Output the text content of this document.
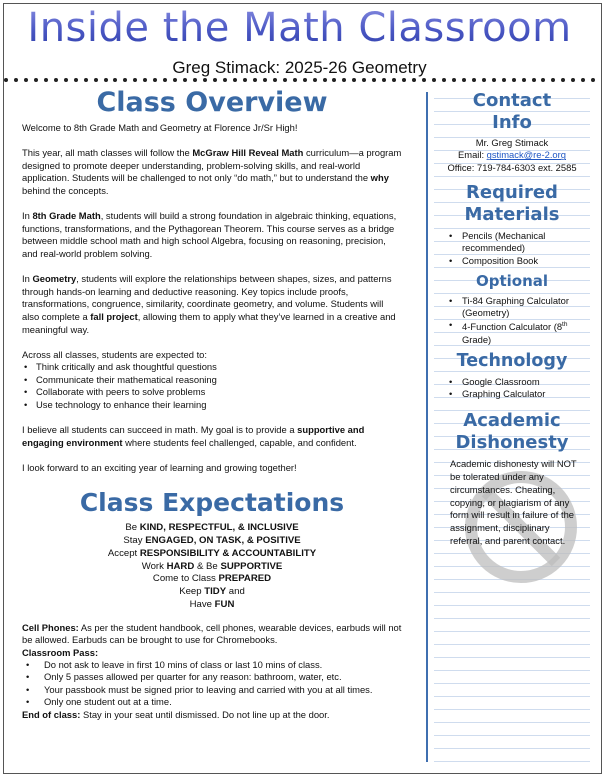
Inside the Math Classroom
Greg Stimack: 2025-26 Geometry
Class Overview

Welcome to 8th Grade Math and Geometry at Florence Jr/Sr High!

This year, all math classes will follow the McGraw Hill Reveal Math curriculum—a program designed to promote deeper understanding, problem-solving skills, and real-world application. Students will be challenged to not only “do math,” but to understand the why behind the concepts.

In 8th Grade Math, students will build a strong foundation in algebraic thinking, equations, functions, transformations, and the Pythagorean Theorem. This course serves as a bridge between middle school math and high school Algebra, focusing on reasoning, precision, and real-world problem solving.

In Geometry, students will explore the relationships between shapes, sizes, and patterns through hands-on learning and deductive reasoning. Key topics include proofs, transformations, congruence, similarity, coordinate geometry, and volume. Students will also complete a fall project, allowing them to apply what they’ve learned in a creative and meaningful way.

Across all classes, students are expected to:
• Think critically and ask thoughtful questions
• Communicate their mathematical reasoning
• Collaborate with peers to solve problems
• Use technology to enhance their learning

I believe all students can succeed in math. My goal is to provide a supportive and engaging environment where students feel challenged, capable, and confident.

I look forward to an exciting year of learning and growing together!

Class Expectations
Be KIND, RESPECTFUL, & INCLUSIVE
Stay ENGAGED, ON TASK, & POSITIVE
Accept RESPONSIBILITY & ACCOUNTABILITY
Work HARD & Be SUPPORTIVE
Come to Class PREPARED
Keep TIDY and
Have FUN
Cell Phones: As per the student handbook, cell phones, wearable devices, earbuds will not be allowed. Earbuds can be brought to use for Chromebooks.
Classroom Pass:
• Do not ask to leave in first 10 mins of class or last 10 mins of class.
• Only 5 passes allowed per quarter for any reason: bathroom, water, etc.
• Your passbook must be signed prior to leaving and carried with you at all times.
• Only one student out at a time.
End of class: Stay in your seat until dismissed. Do not line up at the door.
Contact
Info
Mr. Greg Stimack
Email: gstimack@re-2.org
Office: 719-784-6303 ext. 2585
Required
Materials
• Pencils (Mechanical recommended)
• Composition Book
Optional
• Ti-84 Graphing Calculator (Geometry)
• 4-Function Calculator (8th Grade)
Technology
• Google Classroom
• Graphing Calculator
Academic
Dishonesty
Academic dishonesty will NOT be tolerated under any circumstances. Cheating, copying, or plagiarism of any form will result in failure of the assignment, disciplinary referral, and parent contact.
